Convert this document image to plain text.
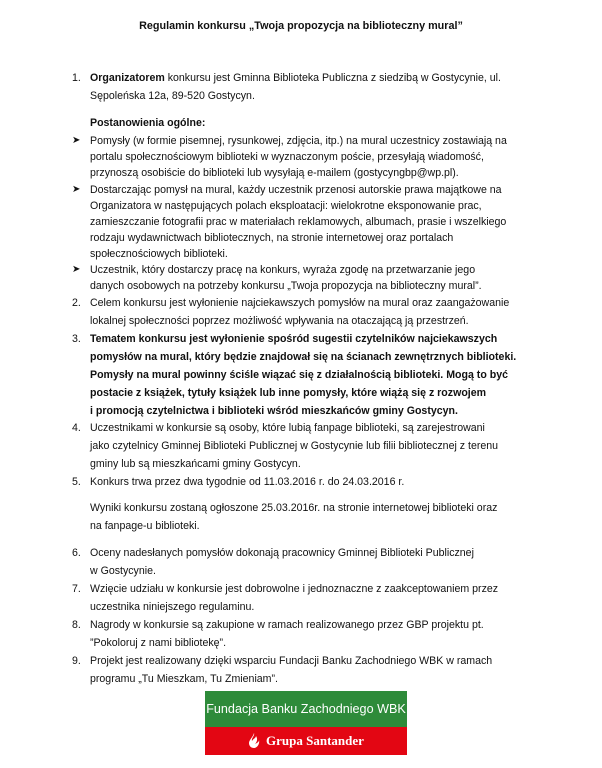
Regulamin konkursu „Twoja propozycja na biblioteczny mural”
1. Organizatorem konkursu jest Gminna Biblioteka Publiczna z siedzibą w Gostycynie, ul.
Sępoleńska 12a, 89-520 Gostycyn.
Postanowienia ogólne:
➤ Pomysły (w formie pisemnej, rysunkowej, zdjęcia, itp.) na mural uczestnicy zostawiają na
portalu społecznościowym biblioteki w wyznaczonym poście, przesyłają wiadomość,
przynoszą osobiście do biblioteki lub wysyłają e-mailem (gostycyngbp@wp.pl).
➤ Dostarczając pomysł na mural, każdy uczestnik przenosi autorskie prawa majątkowe na
Organizatora w następujących polach eksploatacji: wielokrotne eksponowanie prac,
zamieszczanie fotografii prac w materiałach reklamowych, albumach, prasie i wszelkiego
rodzaju wydawnictwach bibliotecznych, na stronie internetowej oraz portalach
społecznościowych biblioteki.
➤ Uczestnik, który dostarczy pracę na konkurs, wyraża zgodę na przetwarzanie jego
danych osobowych na potrzeby konkursu „Twoja propozycja na biblioteczny mural”.
2. Celem konkursu jest wyłonienie najciekawszych pomysłów na mural oraz zaangażowanie
lokalnej społeczności poprzez możliwość wpływania na otaczającą ją przestrzeń.
3. Tematem konkursu jest wyłonienie spośród sugestii czytelników najciekawszych
pomysłów na mural, który będzie znajdował się na ścianach zewnętrznych biblioteki.
Pomysły na mural powinny ściśle wiązać się z działalnością biblioteki. Mogą to być
postacie z książek, tytuły książek lub inne pomysły, które wiążą się z rozwojem
i promocją czytelnictwa i biblioteki wśród mieszkańców gminy Gostycyn.
4. Uczestnikami w konkursie są osoby, które lubią fanpage biblioteki, są zarejestrowani
jako czytelnicy Gminnej Biblioteki Publicznej w Gostycynie lub filii bibliotecznej z terenu
gminy lub są mieszkańcami gminy Gostycyn.
5. Konkurs trwa przez dwa tygodnie od 11.03.2016 r. do 24.03.2016 r.
Wyniki konkursu zostaną ogłoszone 25.03.2016r. na stronie internetowej biblioteki oraz
na fanpage-u biblioteki.
6. Oceny nadesłanych pomysłów dokonają pracownicy Gminnej Biblioteki Publicznej
w Gostycynie.
7. Wzięcie udziału w konkursie jest dobrowolne i jednoznaczne z zaakceptowaniem przez
uczestnika niniejszego regulaminu.
8. Nagrody w konkursie są zakupione w ramach realizowanego przez GBP projektu pt.
”Pokoloruj z nami bibliotekę”.
9. Projekt jest realizowany dzięki wsparciu Fundacji Banku Zachodniego WBK w ramach
programu „Tu Mieszkam, Tu Zmieniam”.
Fundacja Banku Zachodniego WBK
Grupa Santander
